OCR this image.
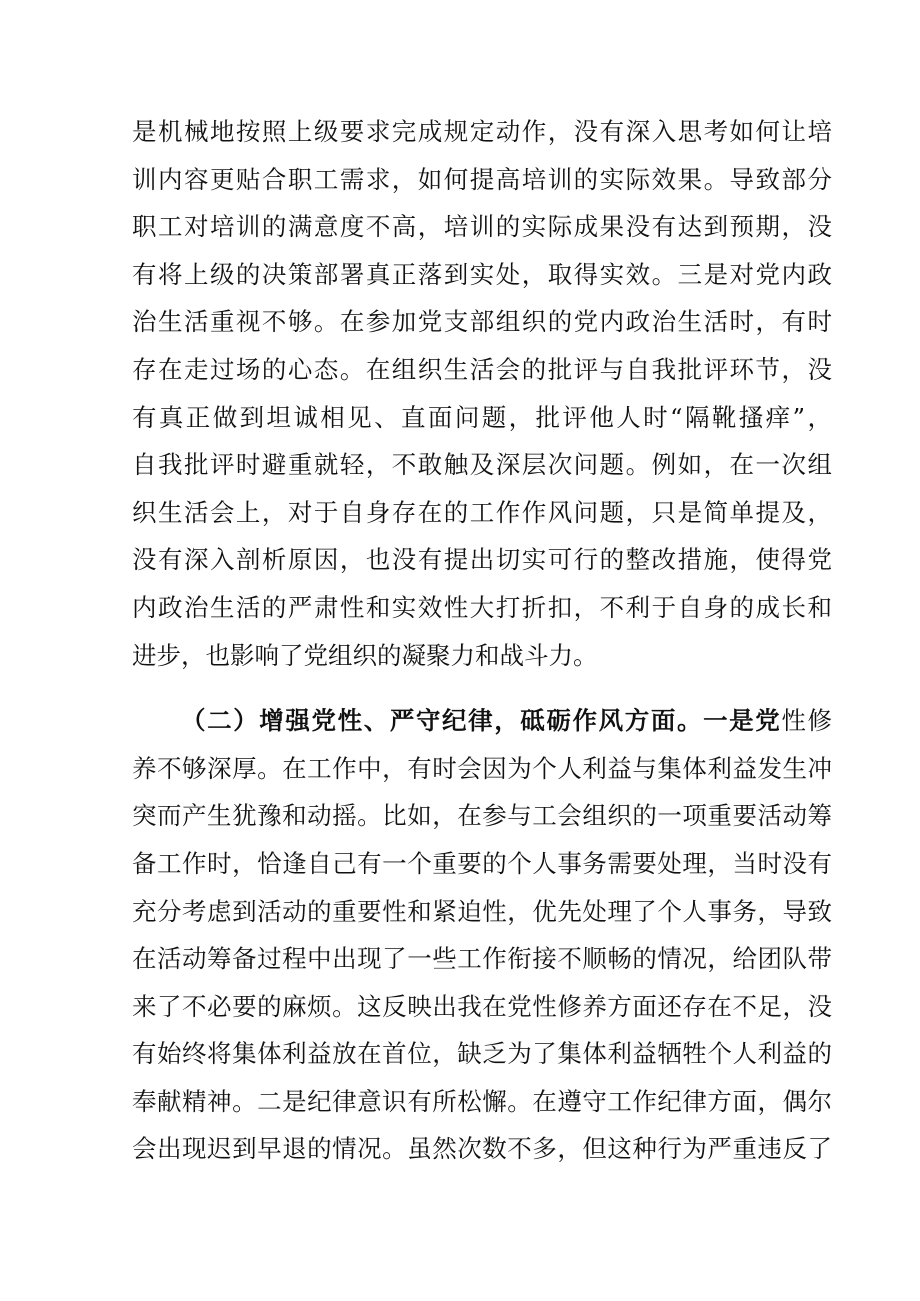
是机械地按照上级要求完成规定动作，没有深入思考如何让培
训内容更贴合职工需求，如何提高培训的实际效果。导致部分
职工对培训的满意度不高，培训的实际成果没有达到预期，没
有将上级的决策部署真正落到实处，取得实效。三是对党内政
治生活重视不够。在参加党支部组织的党内政治生活时，有时
存在走过场的心态。在组织生活会的批评与自我批评环节，没
有真正做到坦诚相见、直面问题，批评他人时“隔靴搔痒”，
自我批评时避重就轻，不敢触及深层次问题。例如，在一次组
织生活会上，对于自身存在的工作作风问题，只是简单提及，
没有深入剖析原因，也没有提出切实可行的整改措施，使得党
内政治生活的严肃性和实效性大打折扣，不利于自身的成长和
进步，也影响了党组织的凝聚力和战斗力。
（二）增强党性、严守纪律，砥砺作风方面。一是党性修
养不够深厚。在工作中，有时会因为个人利益与集体利益发生冲
突而产生犹豫和动摇。比如，在参与工会组织的一项重要活动筹
备工作时，恰逢自己有一个重要的个人事务需要处理，当时没有
充分考虑到活动的重要性和紧迫性，优先处理了个人事务，导致
在活动筹备过程中出现了一些工作衔接不顺畅的情况，给团队带
来了不必要的麻烦。这反映出我在党性修养方面还存在不足，没
有始终将集体利益放在首位，缺乏为了集体利益牺牲个人利益的
奉献精神。二是纪律意识有所松懈。在遵守工作纪律方面，偶尔
会出现迟到早退的情况。虽然次数不多，但这种行为严重违反了
